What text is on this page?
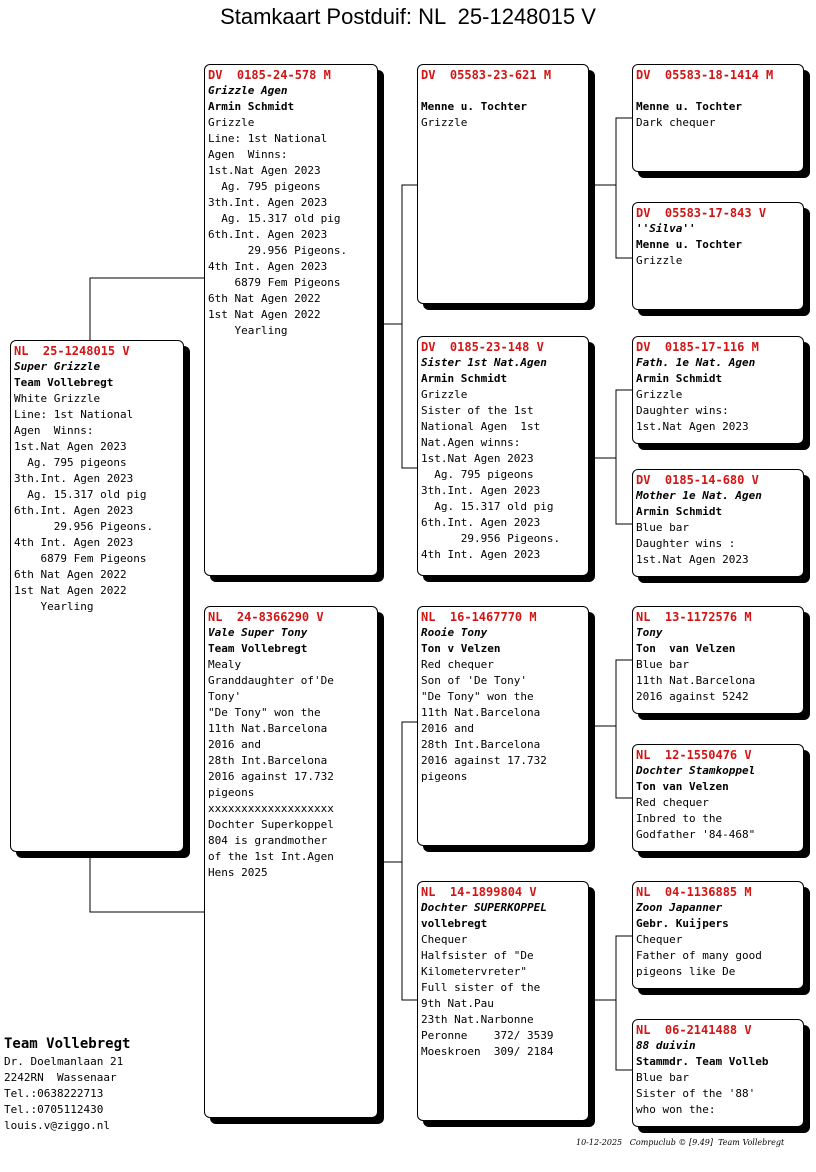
Stamkaart Postduif: NL  25-1248015 V
NL  25-1248015 V
Super Grizzle
Team Vollebregt
White Grizzle
Line: 1st National
Agen  Winns:
1st.Nat Agen 2023
Ag. 795 pigeons
3th.Int. Agen 2023
Ag. 15.317 old pig
6th.Int. Agen 2023
29.956 Pigeons.
4th Int. Agen 2023
6879 Fem Pigeons
6th Nat Agen 2022
1st Nat Agen 2022
Yearling
DV  0185-24-578 M
Grizzle Agen
Armin Schmidt
Grizzle
Line: 1st National
Agen  Winns:
1st.Nat Agen 2023
Ag. 795 pigeons
3th.Int. Agen 2023
Ag. 15.317 old pig
6th.Int. Agen 2023
29.956 Pigeons.
4th Int. Agen 2023
6879 Fem Pigeons
6th Nat Agen 2022
1st Nat Agen 2022
Yearling
NL  24-8366290 V
Vale Super Tony
Team Vollebregt
Mealy
Granddaughter of'De
Tony'
"De Tony" won the
11th Nat.Barcelona
2016 and
28th Int.Barcelona
2016 against 17.732
pigeons
xxxxxxxxxxxxxxxxxxx
Dochter Superkoppel
804 is grandmother
of the 1st Int.Agen
Hens 2025
DV  05583-23-621 M

Menne u. Tochter
Grizzle
DV  0185-23-148 V
Sister 1st Nat.Agen
Armin Schmidt
Grizzle
Sister of the 1st
National Agen  1st
Nat.Agen winns:
1st.Nat Agen 2023
Ag. 795 pigeons
3th.Int. Agen 2023
Ag. 15.317 old pig
6th.Int. Agen 2023
29.956 Pigeons.
4th Int. Agen 2023
NL  16-1467770 M
Rooie Tony
Ton v Velzen
Red chequer
Son of 'De Tony'
"De Tony" won the
11th Nat.Barcelona
2016 and
28th Int.Barcelona
2016 against 17.732
pigeons
NL  14-1899804 V
Dochter SUPERKOPPEL
vollebregt
Chequer
Halfsister of "De
Kilometervreter"
Full sister of the
9th Nat.Pau
23th Nat.Narbonne
Peronne    372/ 3539
Moeskroen  309/ 2184
DV  05583-18-1414 M

Menne u. Tochter
Dark chequer
DV  05583-17-843 V
''Silva''
Menne u. Tochter
Grizzle
DV  0185-17-116 M
Fath. 1e Nat. Agen
Armin Schmidt
Grizzle
Daughter wins:
1st.Nat Agen 2023
DV  0185-14-680 V
Mother 1e Nat. Agen
Armin Schmidt
Blue bar
Daughter wins :
1st.Nat Agen 2023
NL  13-1172576 M
Tony
Ton  van Velzen
Blue bar
11th Nat.Barcelona
2016 against 5242
NL  12-1550476 V
Dochter Stamkoppel
Ton van Velzen
Red chequer
Inbred to the
Godfather '84-468"
NL  04-1136885 M
Zoon Japanner
Gebr. Kuijpers
Chequer
Father of many good
pigeons like De
NL  06-2141488 V
88 duivin
Stammdr. Team Volleb
Blue bar
Sister of the '88'
who won the:
Team Vollebregt
Dr. Doelmanlaan 21
2242RN  Wassenaar
Tel.:0638222713
Tel.:0705112430
louis.v@ziggo.nl
10-12-2025   Compuclub © [9.49]  Team Vollebregt
